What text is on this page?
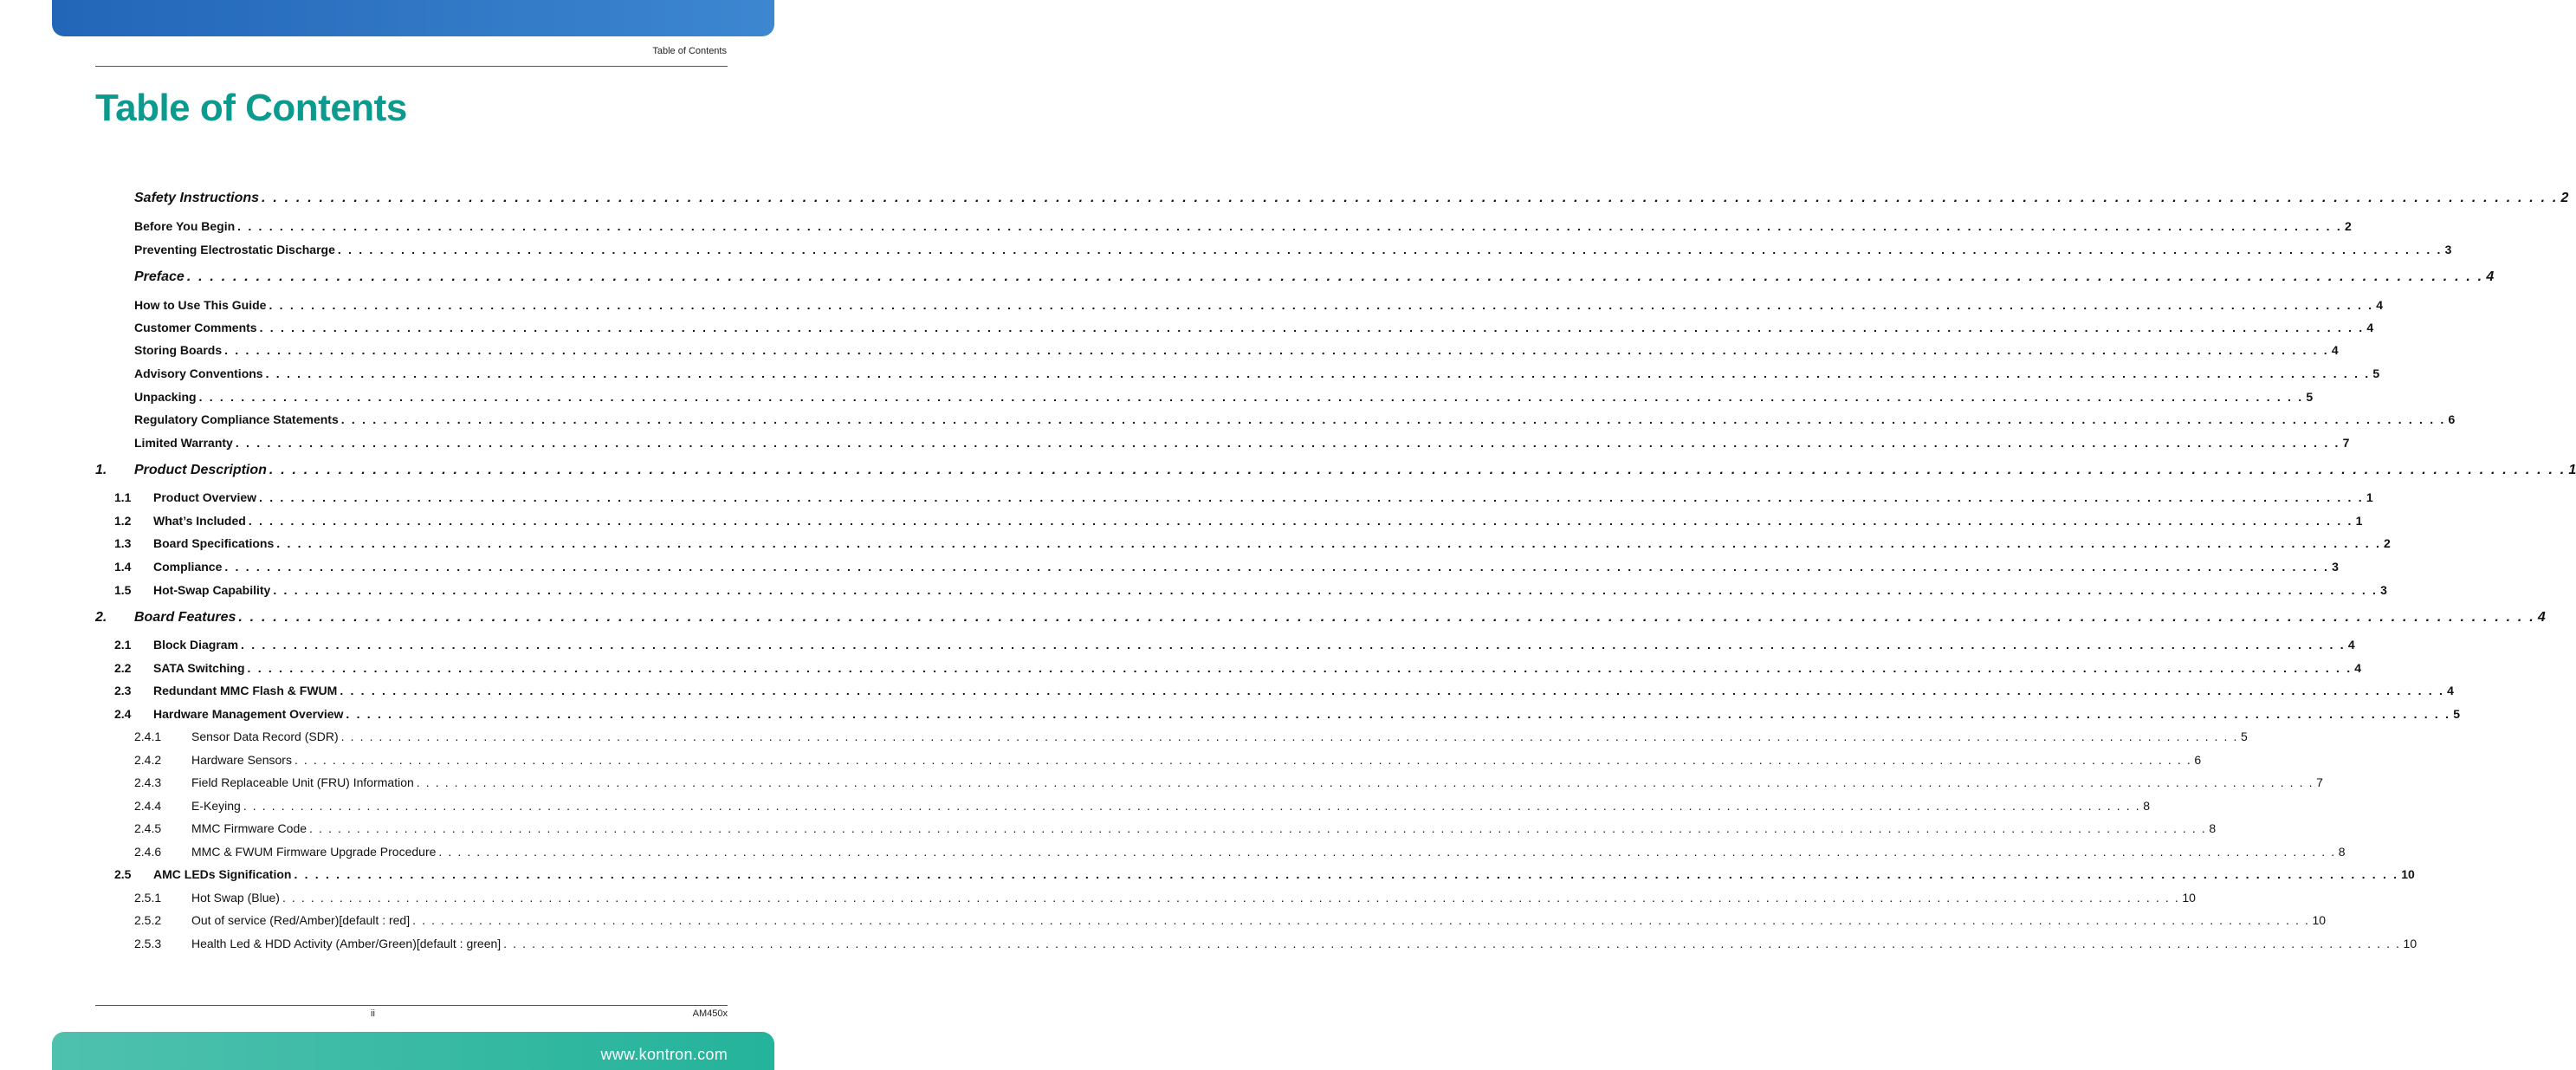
Table of Contents
Table of Contents
Safety Instructions . . . . . . . . . . . . . . . . . . . . . . . . . . . . . . . . . . . . . . . . . . . . . . . . . . . . . . . . . . . . . . . . . . . . . . . . . . . . . . . . . . . . . . . . . . . . . . . . . . . . . . . . . . . . . . . . . . . . . . . . . . . . . . . . . . . . . . . . . . . . . . . . . . . . . . . . . . . . . . . . . . . . . . . . . . . . . . . . . . . . . . . . . . . . . . . . . . . . . . . . 2
Before You Begin . . . . . . . . . . . . . . . . . . . . . . . . . . . . . . . . . . . . . . . . . . . . . . . . . . . . . . . . . . . . . . . . . . . . . . . . . . . . . . . . . . . . . . . . . . . . . . . . . . . . . . . . . . . . . . . . . . . . . . . . . . . . . . . . . . . . . . . . . . . . . . . . . . . . . . . . . . . . . . . . . . . . . . . . . . . . . . . . . . . . . . . . . . . . . . . . . . . . . . . . 2
Preventing Electrostatic Discharge . . . . . . . . . . . . . . . . . . . . . . . . . . . . . . . . . . . . . . . . . . . . . . . . . . . . . . . . . . . . . . . . . . . . . . . . . . . . . . . . . . . . . . . . . . . . . . . . . . . . . . . . . . . . . . . . . . . . . . . . . . . . . . . . . . . . . . . . . . . . . . . . . . . . . . . . . . . . . . . . . . . . . . . . . . . . . . . . . . . . . . . . . . . . . . . . . . . . . . . . 3
Preface . . . . . . . . . . . . . . . . . . . . . . . . . . . . . . . . . . . . . . . . . . . . . . . . . . . . . . . . . . . . . . . . . . . . . . . . . . . . . . . . . . . . . . . . . . . . . . . . . . . . . . . . . . . . . . . . . . . . . . . . . . . . . . . . . . . . . . . . . . . . . . . . . . . . . . . . . . . . . . . . . . . . . . . . . . . . . . . . . . . . . . . . . . . . . . . . . . . . . . . . 4
How to Use This Guide . . . . . . . . . . . . . . . . . . . . . . . . . . . . . . . . . . . . . . . . . . . . . . . . . . . . . . . . . . . . . . . . . . . . . . . . . . . . . . . . . . . . . . . . . . . . . . . . . . . . . . . . . . . . . . . . . . . . . . . . . . . . . . . . . . . . . . . . . . . . . . . . . . . . . . . . . . . . . . . . . . . . . . . . . . . . . . . . . . . . . . . . . . . . . . . . . . . . . . . . 4
Customer Comments . . . . . . . . . . . . . . . . . . . . . . . . . . . . . . . . . . . . . . . . . . . . . . . . . . . . . . . . . . . . . . . . . . . . . . . . . . . . . . . . . . . . . . . . . . . . . . . . . . . . . . . . . . . . . . . . . . . . . . . . . . . . . . . . . . . . . . . . . . . . . . . . . . . . . . . . . . . . . . . . . . . . . . . . . . . . . . . . . . . . . . . . . . . . . . . . . . . . . . . . 4
Storing Boards . . . . . . . . . . . . . . . . . . . . . . . . . . . . . . . . . . . . . . . . . . . . . . . . . . . . . . . . . . . . . . . . . . . . . . . . . . . . . . . . . . . . . . . . . . . . . . . . . . . . . . . . . . . . . . . . . . . . . . . . . . . . . . . . . . . . . . . . . . . . . . . . . . . . . . . . . . . . . . . . . . . . . . . . . . . . . . . . . . . . . . . . . . . . . . . . . . . . . . . . 4
Advisory Conventions . . . . . . . . . . . . . . . . . . . . . . . . . . . . . . . . . . . . . . . . . . . . . . . . . . . . . . . . . . . . . . . . . . . . . . . . . . . . . . . . . . . . . . . . . . . . . . . . . . . . . . . . . . . . . . . . . . . . . . . . . . . . . . . . . . . . . . . . . . . . . . . . . . . . . . . . . . . . . . . . . . . . . . . . . . . . . . . . . . . . . . . . . . . . . . . . . . . . . . . . 5
Unpacking . . . . . . . . . . . . . . . . . . . . . . . . . . . . . . . . . . . . . . . . . . . . . . . . . . . . . . . . . . . . . . . . . . . . . . . . . . . . . . . . . . . . . . . . . . . . . . . . . . . . . . . . . . . . . . . . . . . . . . . . . . . . . . . . . . . . . . . . . . . . . . . . . . . . . . . . . . . . . . . . . . . . . . . . . . . . . . . . . . . . . . . . . . . . . . . . . . . . . . . . 5
Regulatory Compliance Statements . . . . . . . . . . . . . . . . . . . . . . . . . . . . . . . . . . . . . . . . . . . . . . . . . . . . . . . . . . . . . . . . . . . . . . . . . . . . . . . . . . . . . . . . . . . . . . . . . . . . . . . . . . . . . . . . . . . . . . . . . . . . . . . . . . . . . . . . . . . . . . . . . . . . . . . . . . . . . . . . . . . . . . . . . . . . . . . . . . . . . . . . . . . . . . . . . . . . . . . . 6
Limited Warranty . . . . . . . . . . . . . . . . . . . . . . . . . . . . . . . . . . . . . . . . . . . . . . . . . . . . . . . . . . . . . . . . . . . . . . . . . . . . . . . . . . . . . . . . . . . . . . . . . . . . . . . . . . . . . . . . . . . . . . . . . . . . . . . . . . . . . . . . . . . . . . . . . . . . . . . . . . . . . . . . . . . . . . . . . . . . . . . . . . . . . . . . . . . . . . . . . . . . . . . . 7
1.	Product Description . . . . . . . . . . . . . . . . . . . . . . . . . . . . . . . . . . . . . . . . . . . . . . . . . . . . . . . . . . . . . . . . . . . . . . . . . . . . . . . . . . . . . . . . . . . . . . . . . . . . . . . . . . . . . . . . . . . . . . . . . . . . . . . . . . . . . . . . . . . . . . . . . . . . . . . . . . . . . . . . . . . . . . . . . . . . . . . . . . . . . . . . . . . . . . . . . . . . . . . . 1
1.1	Product Overview . . . . . . . . . . . . . . . . . . . . . . . . . . . . . . . . . . . . . . . . . . . . . . . . . . . . . . . . . . . . . . . . . . . . . . . . . . . . . . . . . . . . . . . . . . . . . . . . . . . . . . . . . . . . . . . . . . . . . . . . . . . . . . . . . . . . . . . . . . . . . . . . . . . . . . . . . . . . . . . . . . . . . . . . . . . . . . . . . . . . . . . . . . . . . . . . . . . . . . . . 1
1.2	What’s Included . . . . . . . . . . . . . . . . . . . . . . . . . . . . . . . . . . . . . . . . . . . . . . . . . . . . . . . . . . . . . . . . . . . . . . . . . . . . . . . . . . . . . . . . . . . . . . . . . . . . . . . . . . . . . . . . . . . . . . . . . . . . . . . . . . . . . . . . . . . . . . . . . . . . . . . . . . . . . . . . . . . . . . . . . . . . . . . . . . . . . . . . . . . . . . . . . . . . . . . . 1
1.3	Board Specifications . . . . . . . . . . . . . . . . . . . . . . . . . . . . . . . . . . . . . . . . . . . . . . . . . . . . . . . . . . . . . . . . . . . . . . . . . . . . . . . . . . . . . . . . . . . . . . . . . . . . . . . . . . . . . . . . . . . . . . . . . . . . . . . . . . . . . . . . . . . . . . . . . . . . . . . . . . . . . . . . . . . . . . . . . . . . . . . . . . . . . . . . . . . . . . . . . . . . . . . . 2
1.4	Compliance . . . . . . . . . . . . . . . . . . . . . . . . . . . . . . . . . . . . . . . . . . . . . . . . . . . . . . . . . . . . . . . . . . . . . . . . . . . . . . . . . . . . . . . . . . . . . . . . . . . . . . . . . . . . . . . . . . . . . . . . . . . . . . . . . . . . . . . . . . . . . . . . . . . . . . . . . . . . . . . . . . . . . . . . . . . . . . . . . . . . . . . . . . . . . . . . . . . . . . . . 3
1.5	Hot-Swap Capability . . . . . . . . . . . . . . . . . . . . . . . . . . . . . . . . . . . . . . . . . . . . . . . . . . . . . . . . . . . . . . . . . . . . . . . . . . . . . . . . . . . . . . . . . . . . . . . . . . . . . . . . . . . . . . . . . . . . . . . . . . . . . . . . . . . . . . . . . . . . . . . . . . . . . . . . . . . . . . . . . . . . . . . . . . . . . . . . . . . . . . . . . . . . . . . . . . . . . . . . 3
2.	Board Features . . . . . . . . . . . . . . . . . . . . . . . . . . . . . . . . . . . . . . . . . . . . . . . . . . . . . . . . . . . . . . . . . . . . . . . . . . . . . . . . . . . . . . . . . . . . . . . . . . . . . . . . . . . . . . . . . . . . . . . . . . . . . . . . . . . . . . . . . . . . . . . . . . . . . . . . . . . . . . . . . . . . . . . . . . . . . . . . . . . . . . . . . . . . . . . . . . . . . . . . 4
2.1	Block Diagram . . . . . . . . . . . . . . . . . . . . . . . . . . . . . . . . . . . . . . . . . . . . . . . . . . . . . . . . . . . . . . . . . . . . . . . . . . . . . . . . . . . . . . . . . . . . . . . . . . . . . . . . . . . . . . . . . . . . . . . . . . . . . . . . . . . . . . . . . . . . . . . . . . . . . . . . . . . . . . . . . . . . . . . . . . . . . . . . . . . . . . . . . . . . . . . . . . . . . . . . 4
2.2	SATA Switching . . . . . . . . . . . . . . . . . . . . . . . . . . . . . . . . . . . . . . . . . . . . . . . . . . . . . . . . . . . . . . . . . . . . . . . . . . . . . . . . . . . . . . . . . . . . . . . . . . . . . . . . . . . . . . . . . . . . . . . . . . . . . . . . . . . . . . . . . . . . . . . . . . . . . . . . . . . . . . . . . . . . . . . . . . . . . . . . . . . . . . . . . . . . . . . . . . . . . . . . 4
2.3	Redundant MMC Flash & FWUM . . . . . . . . . . . . . . . . . . . . . . . . . . . . . . . . . . . . . . . . . . . . . . . . . . . . . . . . . . . . . . . . . . . . . . . . . . . . . . . . . . . . . . . . . . . . . . . . . . . . . . . . . . . . . . . . . . . . . . . . . . . . . . . . . . . . . . . . . . . . . . . . . . . . . . . . . . . . . . . . . . . . . . . . . . . . . . . . . . . . . . . . . . . . . . . . . . . . . . . . 4
2.4	Hardware Management Overview . . . . . . . . . . . . . . . . . . . . . . . . . . . . . . . . . . . . . . . . . . . . . . . . . . . . . . . . . . . . . . . . . . . . . . . . . . . . . . . . . . . . . . . . . . . . . . . . . . . . . . . . . . . . . . . . . . . . . . . . . . . . . . . . . . . . . . . . . . . . . . . . . . . . . . . . . . . . . . . . . . . . . . . . . . . . . . . . . . . . . . . . . . . . . . . . . . . . . . . . 5
2.4.1	Sensor Data Record (SDR) . . . . . . . . . . . . . . . . . . . . . . . . . . . . . . . . . . . . . . . . . . . . . . . . . . . . . . . . . . . . . . . . . . . . . . . . . . . . . . . . . . . . . . . . . . . . . . . . . . . . . . . . . . . . . . . . . . . . . . . . . . . . . . . . . . . . . . . . . . . . . . . . . . . . . . . . . . . . . . . . . . . . . . . . . . . . . . . . . . . . . . . . . . . . . . . . . . . . . . . . 5
2.4.2	Hardware Sensors . . . . . . . . . . . . . . . . . . . . . . . . . . . . . . . . . . . . . . . . . . . . . . . . . . . . . . . . . . . . . . . . . . . . . . . . . . . . . . . . . . . . . . . . . . . . . . . . . . . . . . . . . . . . . . . . . . . . . . . . . . . . . . . . . . . . . . . . . . . . . . . . . . . . . . . . . . . . . . . . . . . . . . . . . . . . . . . . . . . . . . . . . . . . . . . . . . . . . . . . 6
2.4.3	Field Replaceable Unit (FRU) Information . . . . . . . . . . . . . . . . . . . . . . . . . . . . . . . . . . . . . . . . . . . . . . . . . . . . . . . . . . . . . . . . . . . . . . . . . . . . . . . . . . . . . . . . . . . . . . . . . . . . . . . . . . . . . . . . . . . . . . . . . . . . . . . . . . . . . . . . . . . . . . . . . . . . . . . . . . . . . . . . . . . . . . . . . . . . . . . . . . . . . . . . . . . . . . . . . . . . . . . . 7
2.4.4	E-Keying . . . . . . . . . . . . . . . . . . . . . . . . . . . . . . . . . . . . . . . . . . . . . . . . . . . . . . . . . . . . . . . . . . . . . . . . . . . . . . . . . . . . . . . . . . . . . . . . . . . . . . . . . . . . . . . . . . . . . . . . . . . . . . . . . . . . . . . . . . . . . . . . . . . . . . . . . . . . . . . . . . . . . . . . . . . . . . . . . . . . . . . . . . . . . . . . . . . . . . . . 8
2.4.5	MMC Firmware Code . . . . . . . . . . . . . . . . . . . . . . . . . . . . . . . . . . . . . . . . . . . . . . . . . . . . . . . . . . . . . . . . . . . . . . . . . . . . . . . . . . . . . . . . . . . . . . . . . . . . . . . . . . . . . . . . . . . . . . . . . . . . . . . . . . . . . . . . . . . . . . . . . . . . . . . . . . . . . . . . . . . . . . . . . . . . . . . . . . . . . . . . . . . . . . . . . . . . . . . . 8
2.4.6	MMC & FWUM Firmware Upgrade Procedure . . . . . . . . . . . . . . . . . . . . . . . . . . . . . . . . . . . . . . . . . . . . . . . . . . . . . . . . . . . . . . . . . . . . . . . . . . . . . . . . . . . . . . . . . . . . . . . . . . . . . . . . . . . . . . . . . . . . . . . . . . . . . . . . . . . . . . . . . . . . . . . . . . . . . . . . . . . . . . . . . . . . . . . . . . . . . . . . . . . . . . . . . . . . . . . . . . . . . . . . 8
2.5	AMC LEDs Signification . . . . . . . . . . . . . . . . . . . . . . . . . . . . . . . . . . . . . . . . . . . . . . . . . . . . . . . . . . . . . . . . . . . . . . . . . . . . . . . . . . . . . . . . . . . . . . . . . . . . . . . . . . . . . . . . . . . . . . . . . . . . . . . . . . . . . . . . . . . . . . . . . . . . . . . . . . . . . . . . . . . . . . . . . . . . . . . . . . . . . . . . . . . . . . . . . . . . . . . . 10
2.5.1	Hot Swap (Blue) . . . . . . . . . . . . . . . . . . . . . . . . . . . . . . . . . . . . . . . . . . . . . . . . . . . . . . . . . . . . . . . . . . . . . . . . . . . . . . . . . . . . . . . . . . . . . . . . . . . . . . . . . . . . . . . . . . . . . . . . . . . . . . . . . . . . . . . . . . . . . . . . . . . . . . . . . . . . . . . . . . . . . . . . . . . . . . . . . . . . . . . . . . . . . . . . . . . . . . . . 10
2.5.2	Out of service (Red/Amber)[default : red] . . . . . . . . . . . . . . . . . . . . . . . . . . . . . . . . . . . . . . . . . . . . . . . . . . . . . . . . . . . . . . . . . . . . . . . . . . . . . . . . . . . . . . . . . . . . . . . . . . . . . . . . . . . . . . . . . . . . . . . . . . . . . . . . . . . . . . . . . . . . . . . . . . . . . . . . . . . . . . . . . . . . . . . . . . . . . . . . . . . . . . . . . . . . . . . . . . . . . . . . 10
2.5.3	Health Led & HDD Activity (Amber/Green)[default : green] . . . . . . . . . . . . . . . . . . . . . . . . . . . . . . . . . . . . . . . . . . . . . . . . . . . . . . . . . . . . . . . . . . . . . . . . . . . . . . . . . . . . . . . . . . . . . . . . . . . . . . . . . . . . . . . . . . . . . . . . . . . . . . . . . . . . . . . . . . . . . . . . . . . . . . . . . . . . . . . . . . . . . . . . . . . . . . . . . . . . . . . . . . . . . . . . . . . . . . . . 10
ii	AM450x
www.kontron.com
